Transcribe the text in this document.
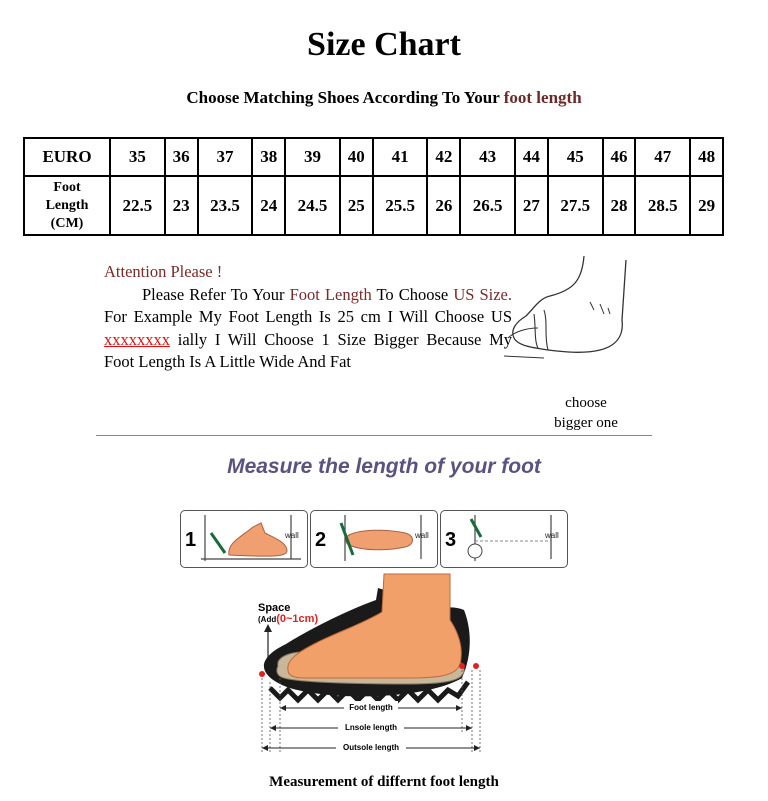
Size Chart
Choose Matching Shoes According To Your foot length
EURO	35	36	37	38	39	40	41	42	43	44	45	46	47	48
Foot
Length
(CM)	22.5	23	23.5	24	24.5	25	25.5	26	26.5	27	27.5	28	28.5	29
Attention Please !
Please Refer To Your Foot Length To Choose US Size. For Example My Foot Length Is 25 cm I Will Choose US xxxxxxxx ially I Will Choose 1 Size Bigger Because My Foot Length Is A Little Wide And Fat
choose
bigger one
Measure the length of your foot
1	wall 2	wall 3	wall
Space
(Add(0~1cm)
Foot length
Lnsole length
Outsole length
Measurement of differnt foot length
